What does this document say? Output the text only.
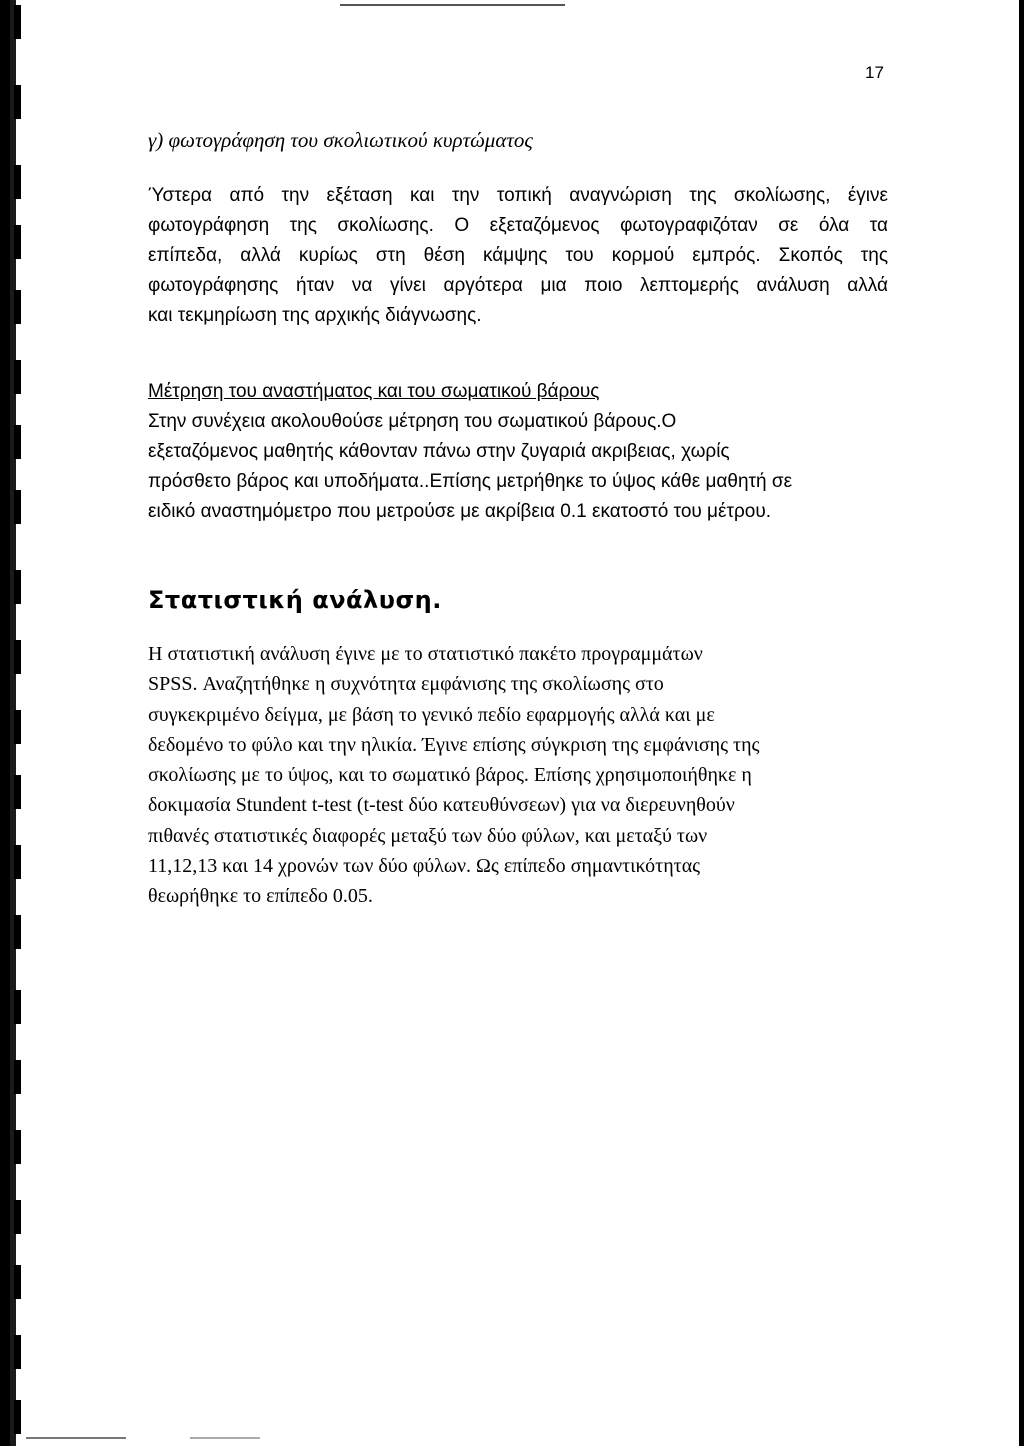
17
γ) φωτογράφηση του σκολιωτικού κυρτώματος
Ύστερα από την εξέταση και την τοπική αναγνώριση της σκολίωσης, έγινε
φωτογράφηση της σκολίωσης. Ο εξεταζόμενος φωτογραφιζόταν σε όλα τα
επίπεδα, αλλά κυρίως στη θέση κάμψης του κορμού εμπρός. Σκοπός της
φωτογράφησης ήταν να γίνει αργότερα μια ποιο λεπτομερής ανάλυση αλλά
και τεκμηρίωση της αρχικής διάγνωσης.
Μέτρηση του αναστήματος και του σωματικού βάρους
Στην συνέχεια ακολουθούσε μέτρηση του σωματικού βάρους.Ο
εξεταζόμενος μαθητής κάθονταν πάνω στην ζυγαριά ακριβειας, χωρίς
πρόσθετο βάρος και υποδήματα..Επίσης μετρήθηκε το ύψος κάθε μαθητή σε
ειδικό αναστημόμετρο που μετρούσε με ακρίβεια 0.1 εκατοστό του μέτρου.
Στατιστική ανάλυση.
Η στατιστική ανάλυση έγινε με το στατιστικό πακέτο προγραμμάτων
SPSS. Αναζητήθηκε η συχνότητα εμφάνισης της σκολίωσης στο
συγκεκριμένο δείγμα, με βάση το γενικό πεδίο εφαρμογής αλλά και με
δεδομένο το φύλο και την ηλικία. Έγινε επίσης σύγκριση της εμφάνισης της
σκολίωσης με το ύψος, και το σωματικό βάρος. Επίσης χρησιμοποιήθηκε η
δοκιμασία Stundent t-test (t-test δύο κατευθύνσεων) για να διερευνηθούν
πιθανές στατιστικές διαφορές μεταξύ των δύο φύλων, και μεταξύ των
11,12,13 και 14 χρονών των δύο φύλων. Ως επίπεδο σημαντικότητας
θεωρήθηκε το επίπεδο 0.05.
